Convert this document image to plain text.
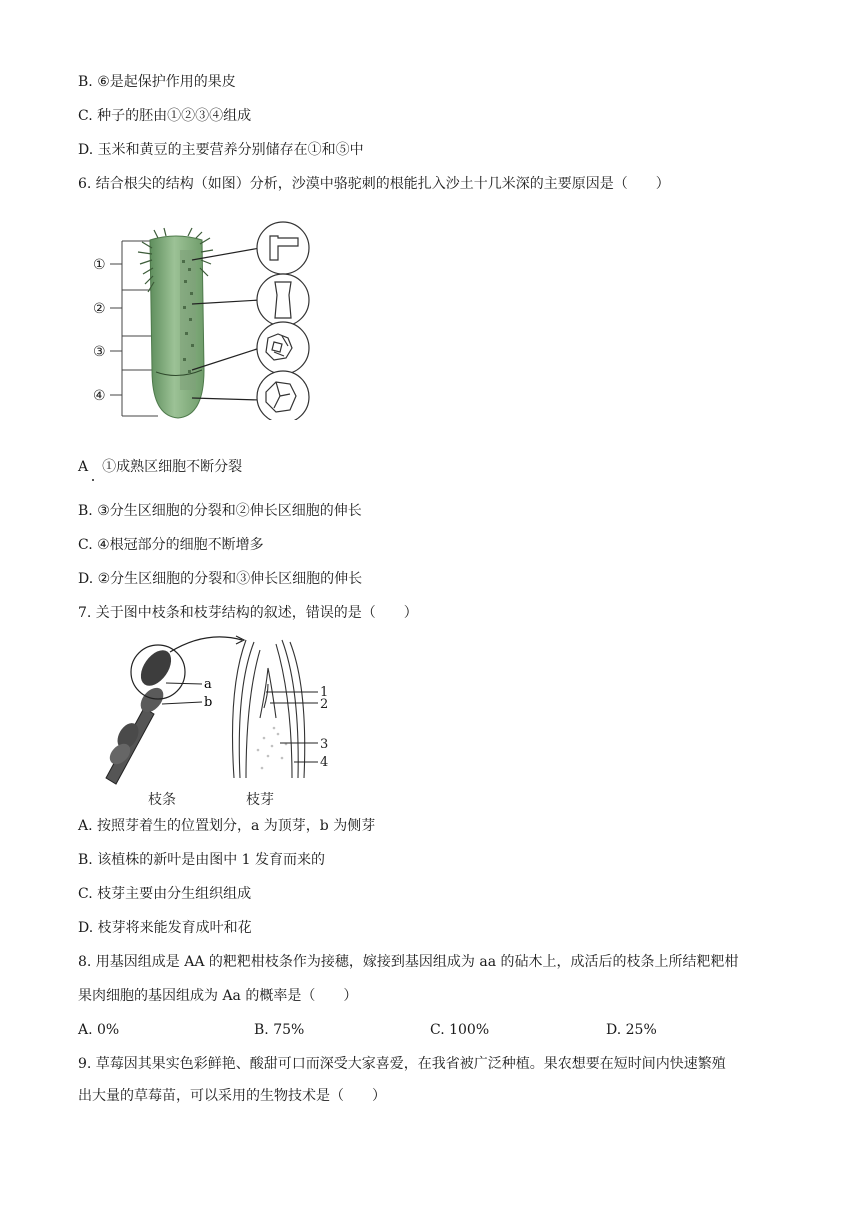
B. ⑥是起保护作用的果皮
C. 种子的胚由①②③④组成
D. 玉米和黄豆的主要营养分别储存在①和⑤中
6. 结合根尖的结构（如图）分析，沙漠中骆驼刺的根能扎入沙土十几米深的主要原因是（　　）
①
②
③
④
A　①成熟区细胞不断分裂
B. ③分生区细胞的分裂和②伸长区细胞的伸长
C. ④根冠部分的细胞不断增多
D. ②分生区细胞的分裂和③伸长区细胞的伸长
7. 关于图中枝条和枝芽结构的叙述，错误的是（　　）
a
b
1
2
3
4
枝条	枝芽
A. 按照芽着生的位置划分，a 为顶芽，b 为侧芽
B. 该植株的新叶是由图中 1 发育而来的
C. 枝芽主要由分生组织组成
D. 枝芽将来能发育成叶和花
8. 用基因组成是 AA 的粑粑柑枝条作为接穗，嫁接到基因组成为 aa 的砧木上，成活后的枝条上所结粑粑柑
果肉细胞的基因组成为 Aa 的概率是（　　）
A. 0%	B. 75%	C. 100%	D. 25%
9. 草莓因其果实色彩鲜艳、酸甜可口而深受大家喜爱，在我省被广泛种植。果农想要在短时间内快速繁殖
出大量的草莓苗，可以采用的生物技术是（　　）
